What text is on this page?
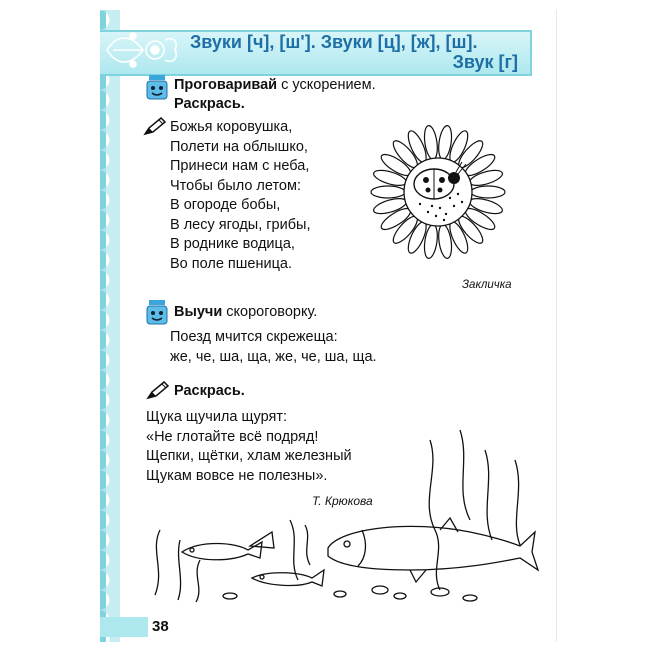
Звуки [ч], [ш']. Звуки [ц], [ж], [ш].
Звук [г]
Проговаривай с ускорением.
Раскрась.
Божья коровушка,
Полети на облышко,
Принеси нам с неба,
Чтобы было летом:
В огороде бобы,
В лесу ягоды, грибы,
В роднике водица,
Во поле пшеница.
Закличка
Выучи скороговорку.
Поезд мчится скрежеща:
же, че, ша, ща, же, че, ша, ща.
Раскрась.
Щука щучила щурят:
«Не глотайте всё подряд!
Щепки, щётки, хлам железный
Щукам вовсе не полезны».
Т. Крюкова
38
